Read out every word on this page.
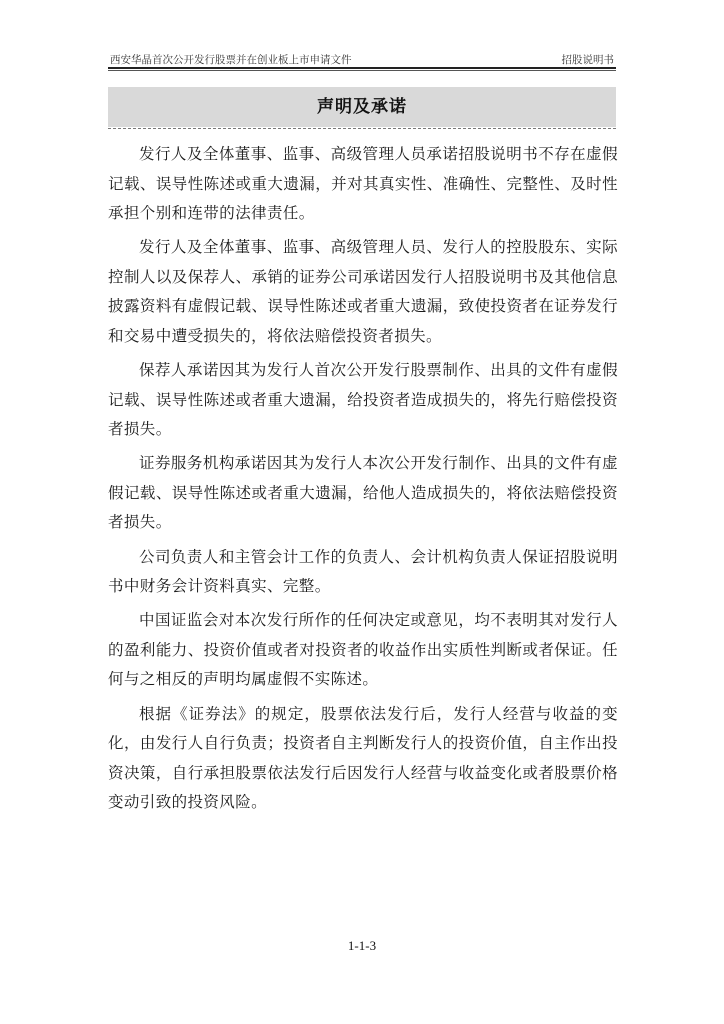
西安华晶首次公开发行股票并在创业板上市申请文件	招股说明书
声明及承诺

发行人及全体董事、监事、高级管理人员承诺招股说明书不存在虚假记载、误导性陈述或重大遗漏，并对其真实性、准确性、完整性、及时性承担个别和连带的法律责任。

发行人及全体董事、监事、高级管理人员、发行人的控股股东、实际控制人以及保荐人、承销的证券公司承诺因发行人招股说明书及其他信息披露资料有虚假记载、误导性陈述或者重大遗漏，致使投资者在证券发行和交易中遭受损失的，将依法赔偿投资者损失。

保荐人承诺因其为发行人首次公开发行股票制作、出具的文件有虚假记载、误导性陈述或者重大遗漏，给投资者造成损失的，将先行赔偿投资者损失。

证券服务机构承诺因其为发行人本次公开发行制作、出具的文件有虚假记载、误导性陈述或者重大遗漏，给他人造成损失的，将依法赔偿投资者损失。

公司负责人和主管会计工作的负责人、会计机构负责人保证招股说明书中财务会计资料真实、完整。

中国证监会对本次发行所作的任何决定或意见，均不表明其对发行人的盈利能力、投资价值或者对投资者的收益作出实质性判断或者保证。任何与之相反的声明均属虚假不实陈述。

根据《证券法》的规定，股票依法发行后，发行人经营与收益的变化，由发行人自行负责；投资者自主判断发行人的投资价值，自主作出投资决策，自行承担股票依法发行后因发行人经营与收益变化或者股票价格变动引致的投资风险。

1-1-3
